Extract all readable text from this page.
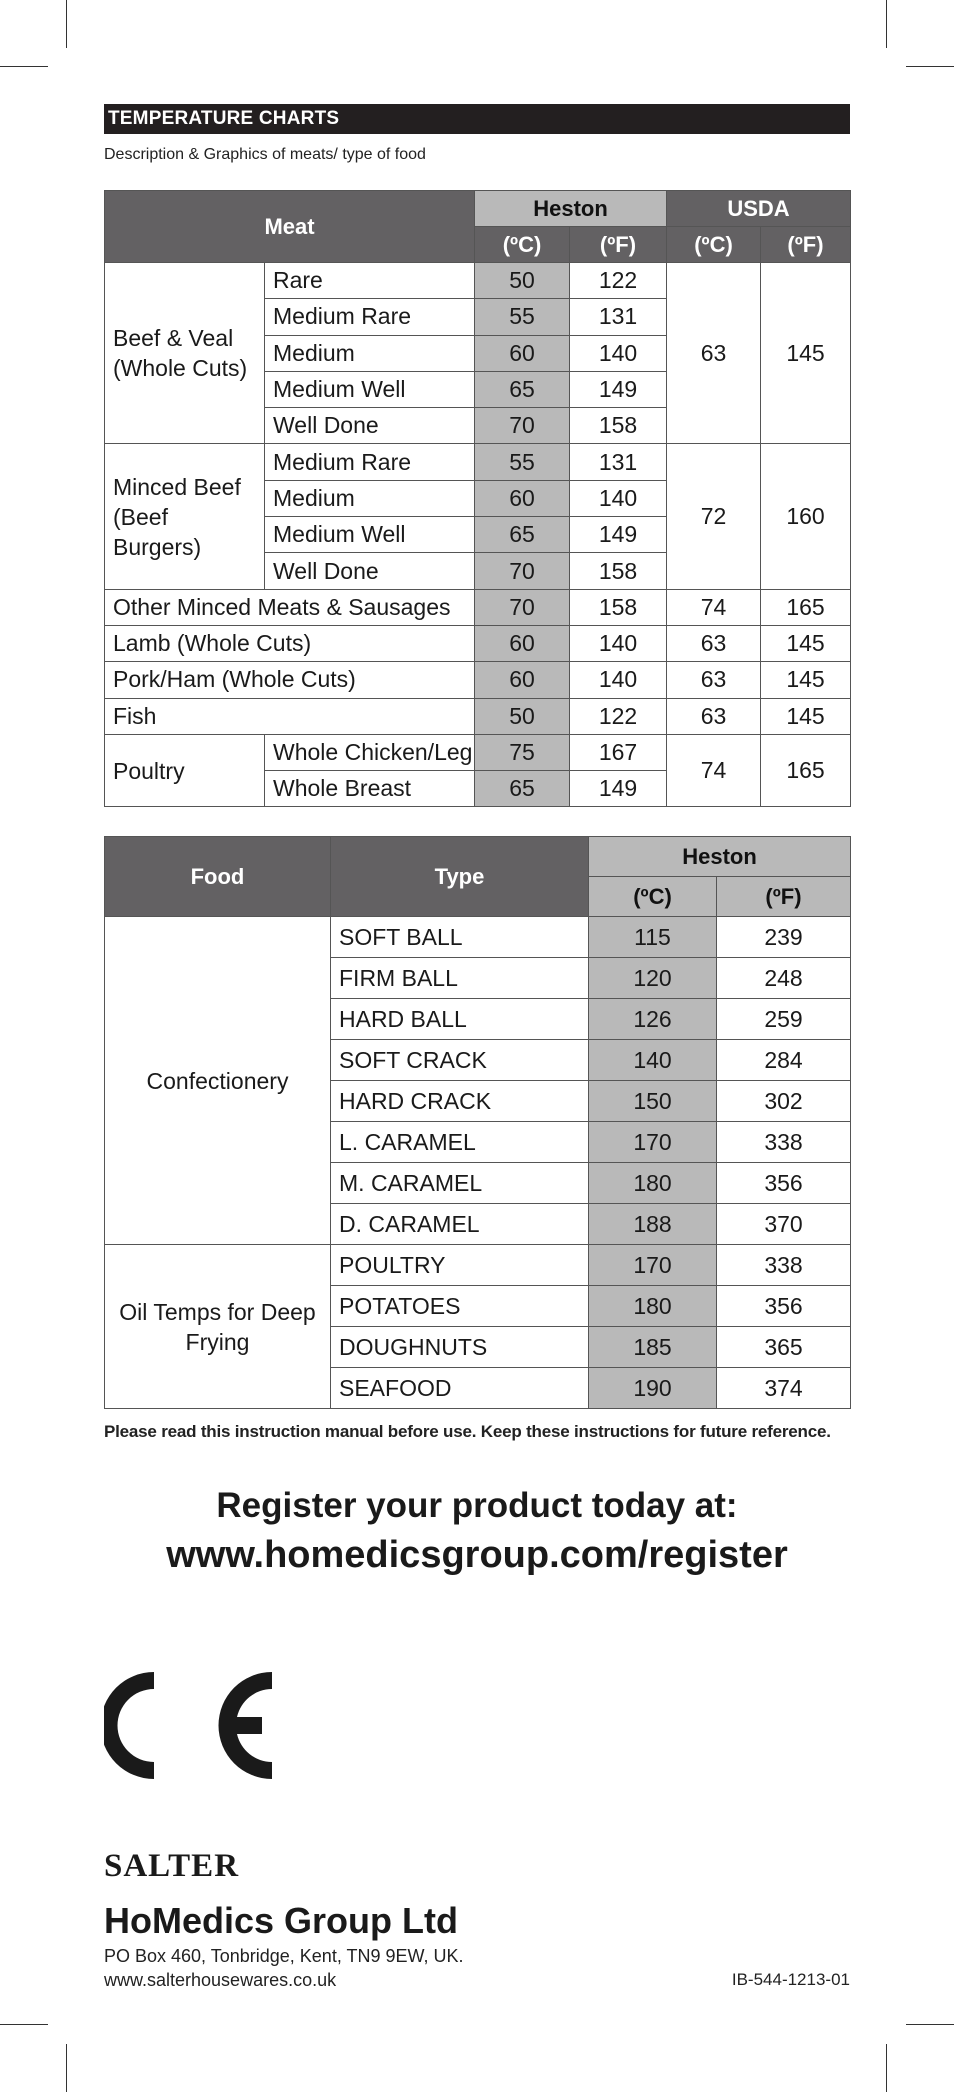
TEMPERATURE CHARTS
Description & Graphics of meats/ type of food
Meat		Heston		USDA	
		(ºC)	(ºF)	(ºC)	(ºF)
Beef & Veal (Whole Cuts)	Rare	50	122	63	145
	Medium Rare	55	131		
	Medium	60	140		
	Medium Well	65	149		
	Well Done	70	158		
Minced Beef (Beef Burgers)	Medium Rare	55	131	72	160
	Medium	60	140		
	Medium Well	65	149		
	Well Done	70	158		
Other Minced Meats & Sausages		70	158	74	165
Lamb (Whole Cuts)		60	140	63	145
Pork/Ham (Whole Cuts)		60	140	63	145
Fish		50	122	63	145
Poultry	Whole Chicken/Leg	75	167	74	165
	Whole Breast	65	149		
Food	Type	Heston	
		(ºC)	(ºF)
Confectionery	SOFT BALL	115	239
	FIRM BALL	120	248
	HARD BALL	126	259
	SOFT CRACK	140	284
	HARD CRACK	150	302
	L. CARAMEL	170	338
	M. CARAMEL	180	356
	D. CARAMEL	188	370
Oil Temps for Deep Frying	POULTRY	170	338
	POTATOES	180	356
	DOUGHNUTS	185	365
	SEAFOOD	190	374
Please read this instruction manual before use. Keep these instructions for future reference.
Register your product today at:
www.homedicsgroup.com/register
SALTER
HoMedics Group Ltd
PO Box 460, Tonbridge, Kent, TN9 9EW, UK.
www.salterhousewares.co.uk	IB-544-1213-01
